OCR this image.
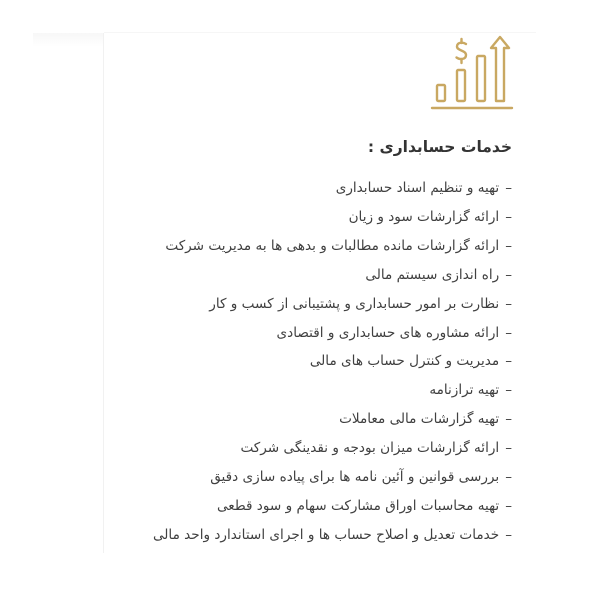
خدمات حسابداری :
–تهیه و تنظیم اسناد حسابداری
–ارائه گزارشات سود و زیان
–ارائه گزارشات مانده مطالبات و بدهی ها به مدیریت شرکت
–راه اندازی سیستم مالی
–نظارت بر امور حسابداری و پشتیبانی از کسب و کار
–ارائه مشاوره های حسابداری و اقتصادی
–مدیریت و کنترل حساب های مالی
–تهیه ترازنامه
–تهیه گزارشات مالی معاملات
–ارائه گزارشات میزان بودجه و نقدینگی شرکت
–بررسی قوانین و آئین نامه ها برای پیاده سازی دقیق
–تهیه محاسبات اوراق مشارکت سهام و سود قطعی
–خدمات تعدیل و اصلاح حساب ها و اجرای استاندارد واحد مالی
